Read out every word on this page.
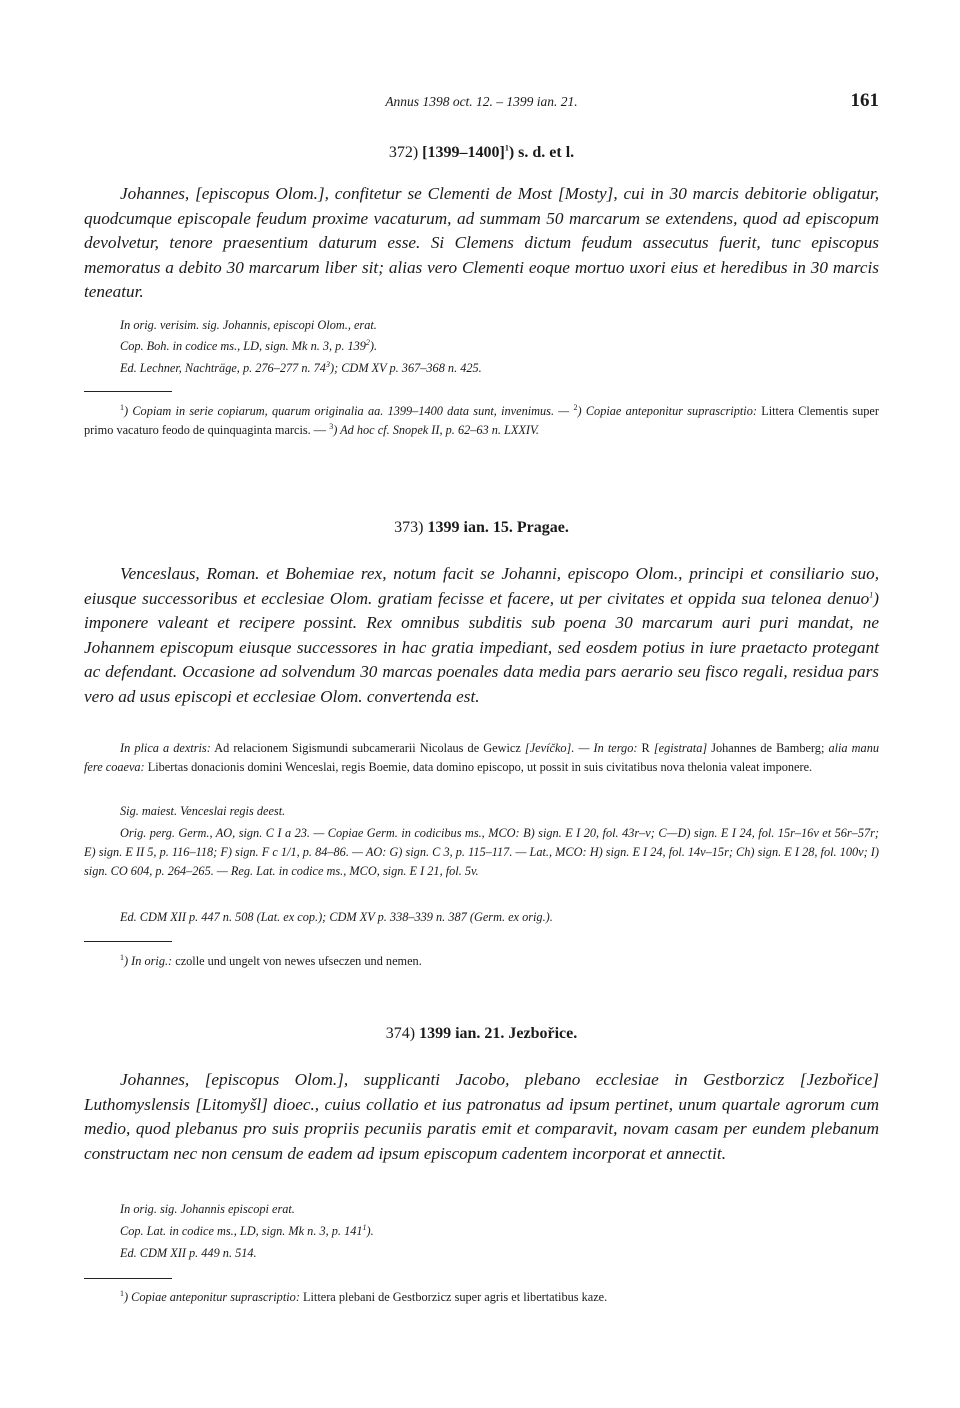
Annus 1398 oct. 12. – 1399 ian. 21.	161
372) [1399–1400]$^1$) s. d. et l.

Johannes, [episcopus Olom.], confitetur se Clementi de Most [Mosty], cui in 30 marcis debitorie obligatur, quodcumque episcopale feudum proxime vacaturum, ad summam 50 marcarum se extendens, quod ad episcopum devolvetur, tenore praesentium daturum esse. Si Clemens dictum feudum assecutus fuerit, tunc episcopus memoratus a debito 30 marcarum liber sit; alias vero Clementi eoque mortuo uxori eius et heredibus in 30 marcis teneatur.

In orig. verisim. sig. Johannis, episcopi Olom., erat.

Cop. Boh. in codice ms., LD, sign. Mk n. 3, p. $139^2$).

Ed. Lechner, Nachträge, p. 276–277 n. $74^3$); CDM XV p. 367–368 n. 425.

$^1$) Copiam in serie copiarum, quarum originalia aa. 1399–1400 data sunt, invenimus. — $^2$) Copiae anteponitur suprascriptio: Littera Clementis super primo vacaturo feodo de quinquaginta marcis. — $^3$) Ad hoc cf. Snopek II, p. 62–63 n. LXXIV.

373) 1399 ian. 15. Pragae.

Venceslaus, Roman. et Bohemiae rex, notum facit se Johanni, episcopo Olom., principi et consiliario suo, eiusque successoribus et ecclesiae Olom. gratiam fecisse et facere, ut per civitates et oppida sua telonea denuo$^1$) imponere valeant et recipere possint. Rex omnibus subditis sub poena 30 marcarum auri puri mandat, ne Johannem episcopum eiusque successores in hac gratia impediant, sed eosdem potius in iure praetacto protegant ac defendant. Occasione ad solvendum 30 marcas poenales data media pars aerario seu fisco regali, residua pars vero ad usus episcopi et ecclesiae Olom. convertenda est.

In plica a dextris: Ad relacionem Sigismundi subcamerarii Nicolaus de Gewicz [Jevíčko]. — In tergo: R [egistrata] Johannes de Bamberg; alia manu fere coaeva: Libertas donacionis domini Wenceslai, regis Boemie, data domino episcopo, ut possit in suis civitatibus nova thelonia valeat imponere.

Sig. maiest. Venceslai regis deest.

Orig. perg. Germ., AO, sign. C I a 23. — Copiae Germ. in codicibus ms., MCO: B) sign. E I 20, fol. 43r–v; C—D) sign. E I 24, fol. 15r–16v et 56r–57r; E) sign. E II 5, p. 116–118; F) sign. F c 1/1, p. 84–86. — AO: G) sign. C 3, p. 115–117. — Lat., MCO: H) sign. E I 24, fol. 14v–15r; Ch) sign. E I 28, fol. 100v; I) sign. CO 604, p. 264–265. — Reg. Lat. in codice ms., MCO, sign. E I 21, fol. 5v.

Ed. CDM XII p. 447 n. 508 (Lat. ex cop.); CDM XV p. 338–339 n. 387 (Germ. ex orig.).

$^1$) In orig.: czolle und ungelt von newes ufseczen und nemen.

374) 1399 ian. 21. Jezbořice.

Johannes, [episcopus Olom.], supplicanti Jacobo, plebano ecclesiae in Gestborzicz [Jezbořice] Luthomyslensis [Litomyšl] dioec., cuius collatio et ius patronatus ad ipsum pertinet, unum quartale agrorum cum medio, quod plebanus pro suis propriis pecuniis paratis emit et comparavit, novam casam per eundem plebanum constructam nec non censum de eadem ad ipsum episcopum cadentem incorporat et annectit.

In orig. sig. Johannis episcopi erat.

Cop. Lat. in codice ms., LD, sign. Mk n. 3, p. $141^1$).

Ed. CDM XII p. 449 n. 514.

$^1$) Copiae anteponitur suprascriptio: Littera plebani de Gestborzicz super agris et libertatibus kaze.
